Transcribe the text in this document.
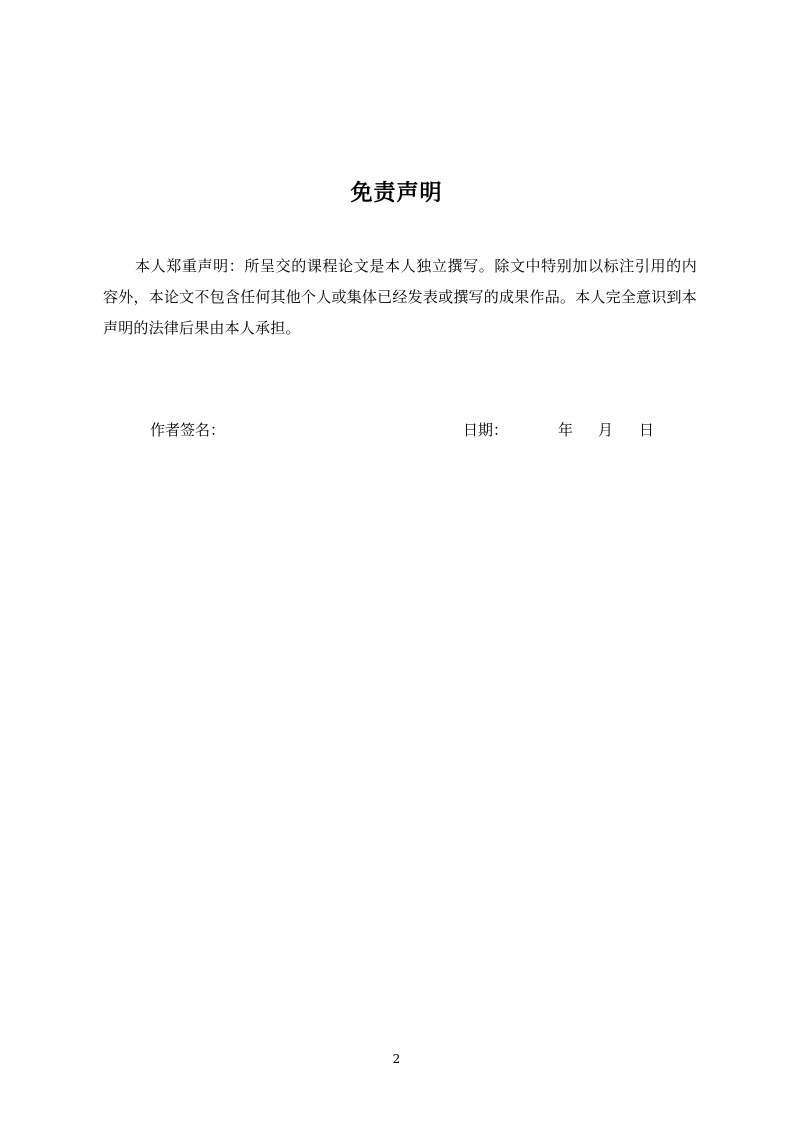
免责声明

本人郑重声明：所呈交的课程论文是本人独立撰写。除文中特别加以标注引用的内容外，本论文不包含任何其他个人或集体已经发表或撰写的成果作品。本人完全意识到本声明的法律后果由本人承担。

作者签名：	日期：	年 月 日
2
